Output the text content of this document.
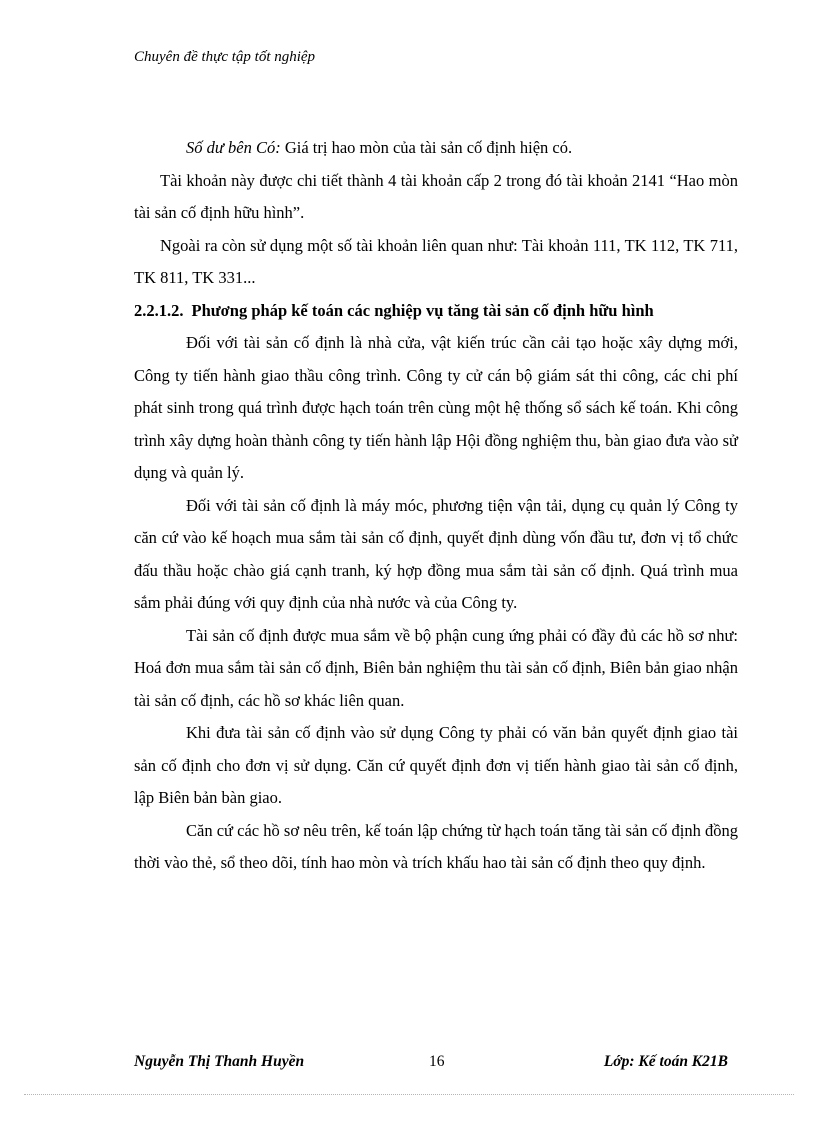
Chuyên đề thực tập tốt nghiệp

Số dư bên Có: Giá trị hao mòn của tài sản cố định hiện có.

Tài khoản này được chi tiết thành 4 tài khoản cấp 2 trong đó tài khoản 2141 “Hao mòn tài sản cố định hữu hình”.

Ngoài ra còn sử dụng một số tài khoản liên quan như: Tài khoản 111, TK 112, TK 711, TK 811, TK 331...

2.2.1.2. Phương pháp kế toán các nghiệp vụ tăng tài sản cố định hữu hình

Đối với tài sản cố định là nhà cửa, vật kiến trúc cần cải tạo hoặc xây dựng mới, Công ty tiến hành giao thầu công trình. Công ty cử cán bộ giám sát thi công, các chi phí phát sinh trong quá trình được hạch toán trên cùng một hệ thống sổ sách kế toán. Khi công trình xây dựng hoàn thành công ty tiến hành lập Hội đồng nghiệm thu, bàn giao đưa vào sử dụng và quản lý.

Đối với tài sản cố định là máy móc, phương tiện vận tải, dụng cụ quản lý Công ty căn cứ vào kế hoạch mua sắm tài sản cố định, quyết định dùng vốn đầu tư, đơn vị tổ chức đấu thầu hoặc chào giá cạnh tranh, ký hợp đồng mua sắm tài sản cố định. Quá trình mua sắm phải đúng với quy định của nhà nước và của Công ty.

Tài sản cố định được mua sắm về bộ phận cung ứng phải có đầy đủ các hồ sơ như: Hoá đơn mua sắm tài sản cố định, Biên bản nghiệm thu tài sản cố định, Biên bản giao nhận tài sản cố định, các hồ sơ khác liên quan.

Khi đưa tài sản cố định vào sử dụng Công ty phải có văn bản quyết định giao tài sản cố định cho đơn vị sử dụng. Căn cứ quyết định đơn vị tiến hành giao tài sản cố định, lập Biên bản bàn giao.

Căn cứ các hồ sơ nêu trên, kế toán lập chứng từ hạch toán tăng tài sản cố định đồng thời vào thẻ, sổ theo dõi, tính hao mòn và trích khấu hao tài sản cố định theo quy định.

Nguyễn Thị Thanh Huyền	16	Lớp: Kế toán K21B
